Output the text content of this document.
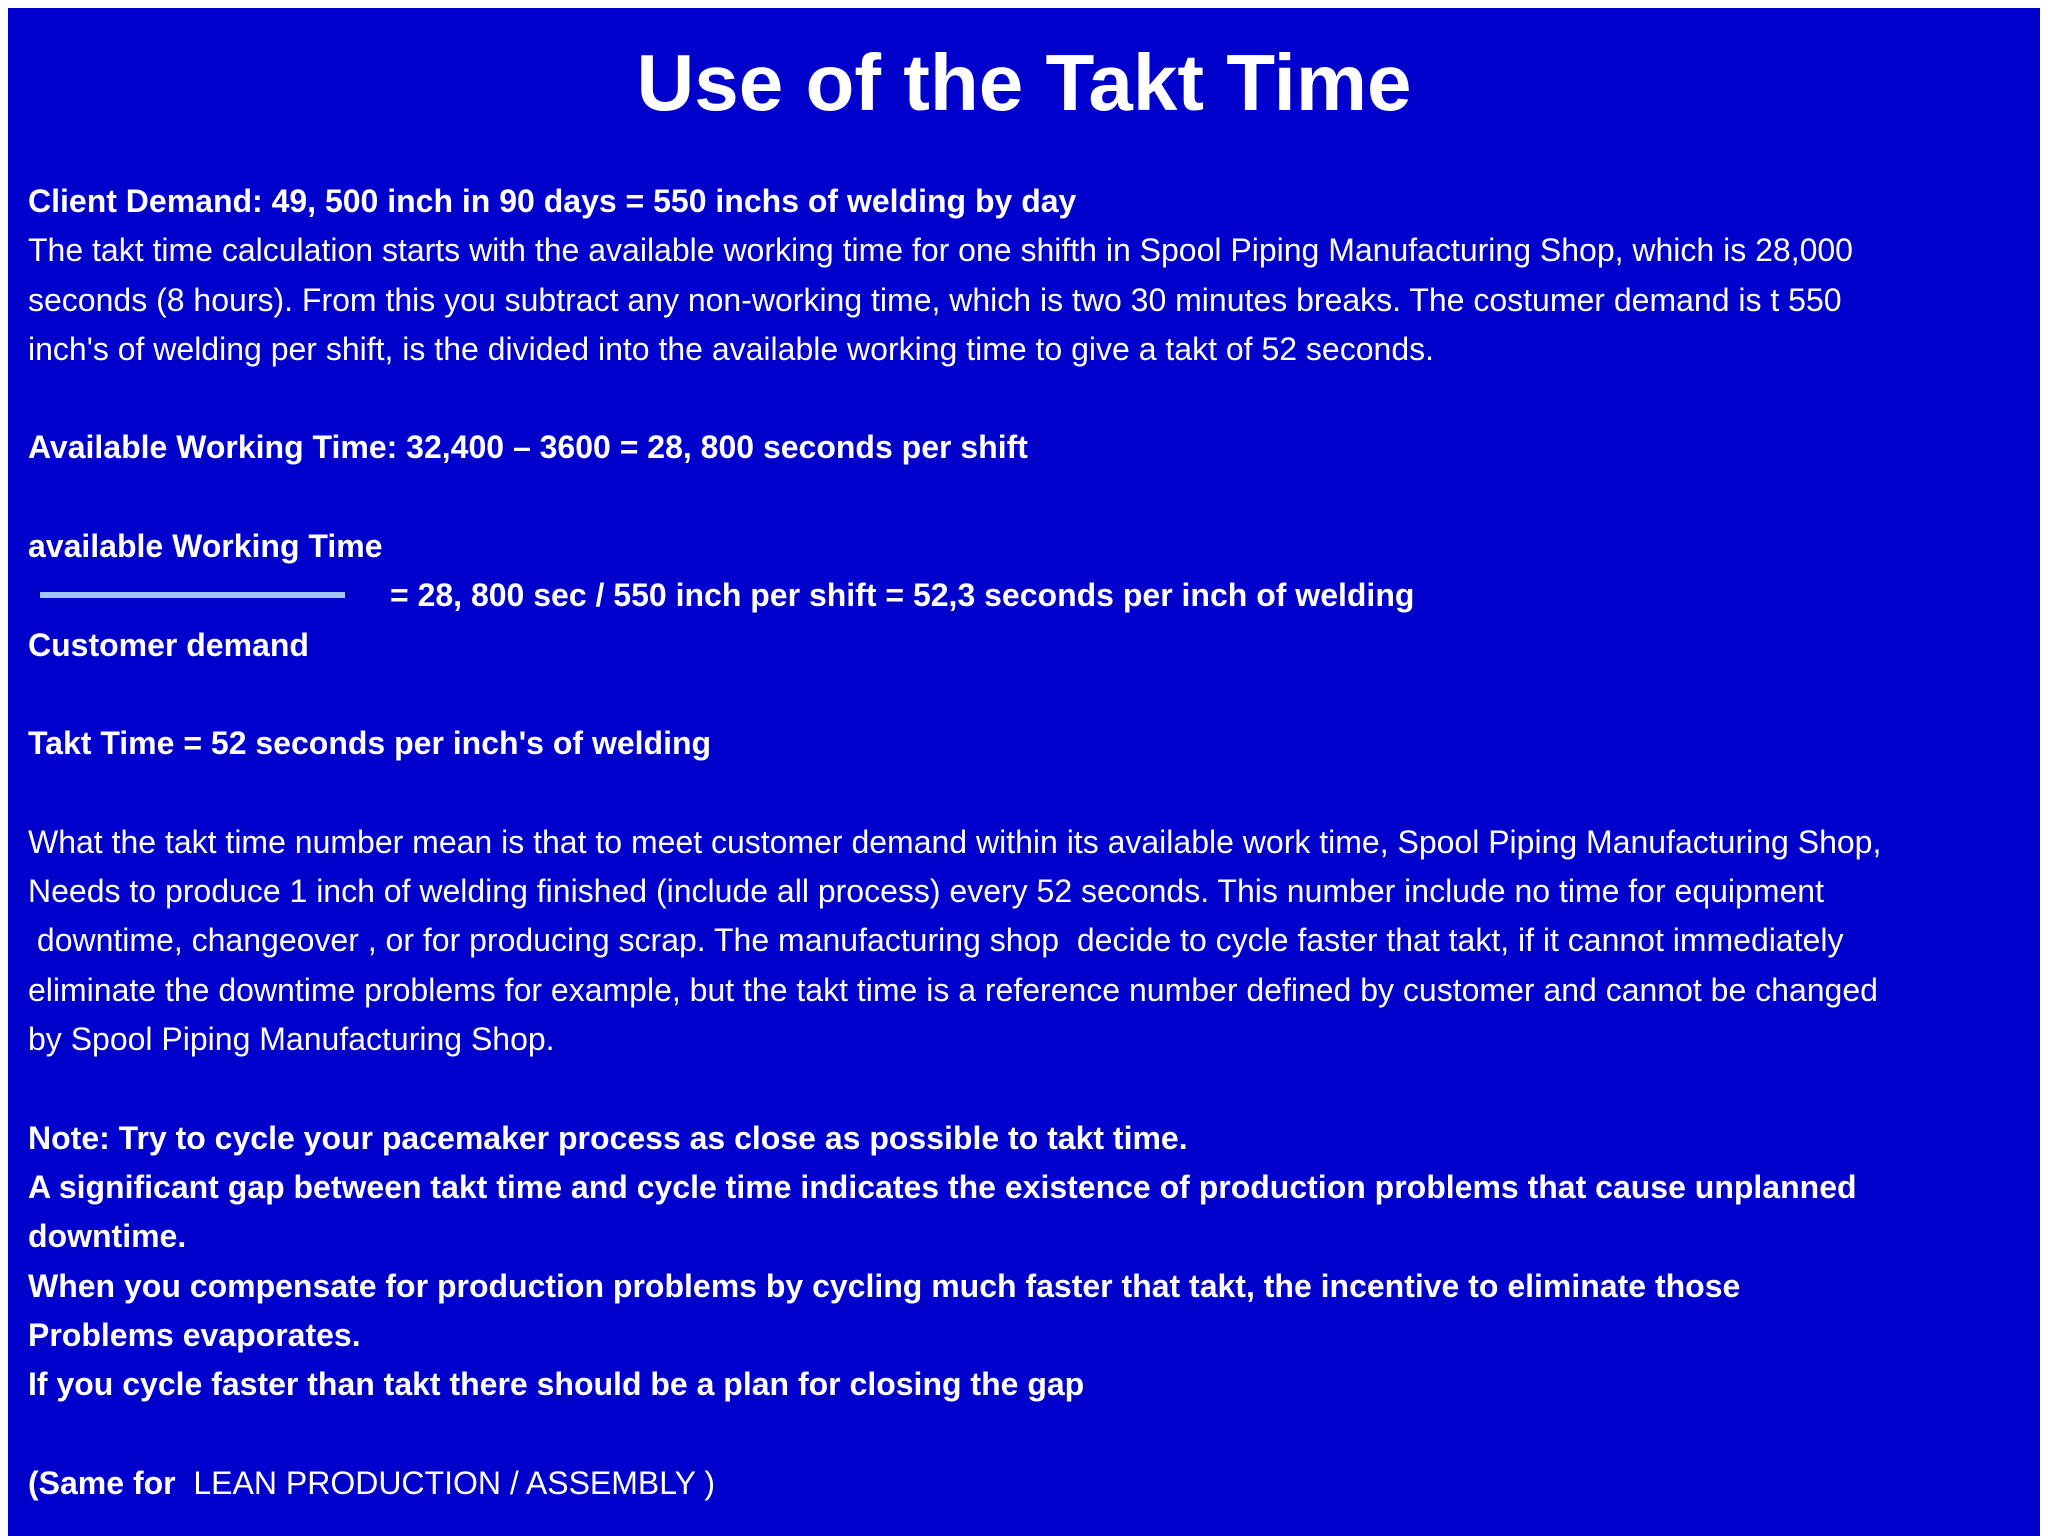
Use of the Takt Time
Client Demand: 49, 500 inch in 90 days = 550 inchs of welding by day
The takt time calculation starts with the available working time for one shifth in Spool Piping Manufacturing Shop, which is 28,000
seconds (8 hours). From this you subtract any non-working time, which is two 30 minutes breaks. The costumer demand is t 550
inch's of welding per shift, is the divided into the available working time to give a takt of 52 seconds.
Available Working Time: 32,400 – 3600 = 28, 800 seconds per shift
available Working Time
= 28, 800 sec / 550 inch per shift = 52,3 seconds per inch of welding
Customer demand
Takt Time = 52 seconds per inch's of welding
What the takt time number mean is that to meet customer demand within its available work time, Spool Piping Manufacturing Shop,
Needs to produce 1 inch of welding finished (include all process) every 52 seconds. This number include no time for equipment
downtime, changeover , or for producing scrap. The manufacturing shop  decide to cycle faster that takt, if it cannot immediately
eliminate the downtime problems for example, but the takt time is a reference number defined by customer and cannot be changed
by Spool Piping Manufacturing Shop.
Note: Try to cycle your pacemaker process as close as possible to takt time.
A significant gap between takt time and cycle time indicates the existence of production problems that cause unplanned
downtime.
When you compensate for production problems by cycling much faster that takt, the incentive to eliminate those
Problems evaporates.
If you cycle faster than takt there should be a plan for closing the gap
(Same for  LEAN PRODUCTION / ASSEMBLY )
